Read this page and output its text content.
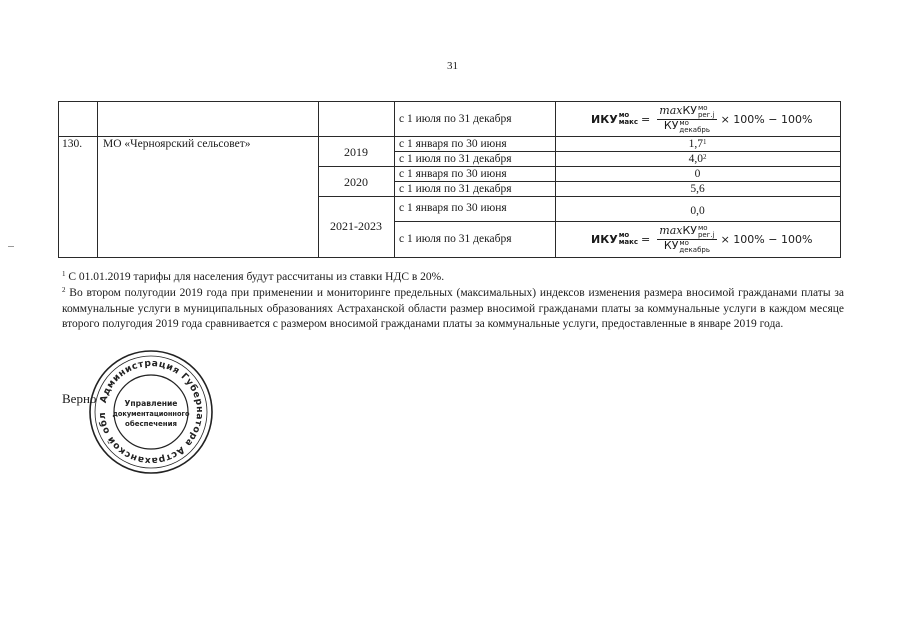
31
с 1 июля по 31 декабря	ИКУ мо
макс = max КУ мо
рег.j
КУ мо
декабрь × 100% − 100%
130. МО «Черноярский сельсовет»
2019
2020
2021-2023
с 1 января по 30 июня
с 1 июля по 31 декабря
с 1 января по 30 июня
с 1 июля по 31 декабря
с 1 января по 30 июня
с 1 июля по 31 декабря
$1,7^1$
$4,0^2$
0
5,6
0,0
ИКУ мо
макс = max КУ мо
рег.j
КУ мо
декабрь × 100% − 100%
$^1$ С 01.01.2019 тарифы для населения будут рассчитаны из ставки НДС в 20%.
$^2$ Во втором полугодии 2019 года при применении и мониторинге предельных (максимальных) индексов изменения размера вносимой гражданами платы за коммунальные услуги в муниципальных образованиях Астраханской области размер вносимой гражданами платы за коммунальные услуги в каждом месяце второго полугодия 2019 года сравнивается с размером вносимой гражданами платы за коммунальные услуги, предоставленные в январе 2019 года.
Верно Администрация Губернатора Астраханской обл
Управление
документационного
обеспечения
